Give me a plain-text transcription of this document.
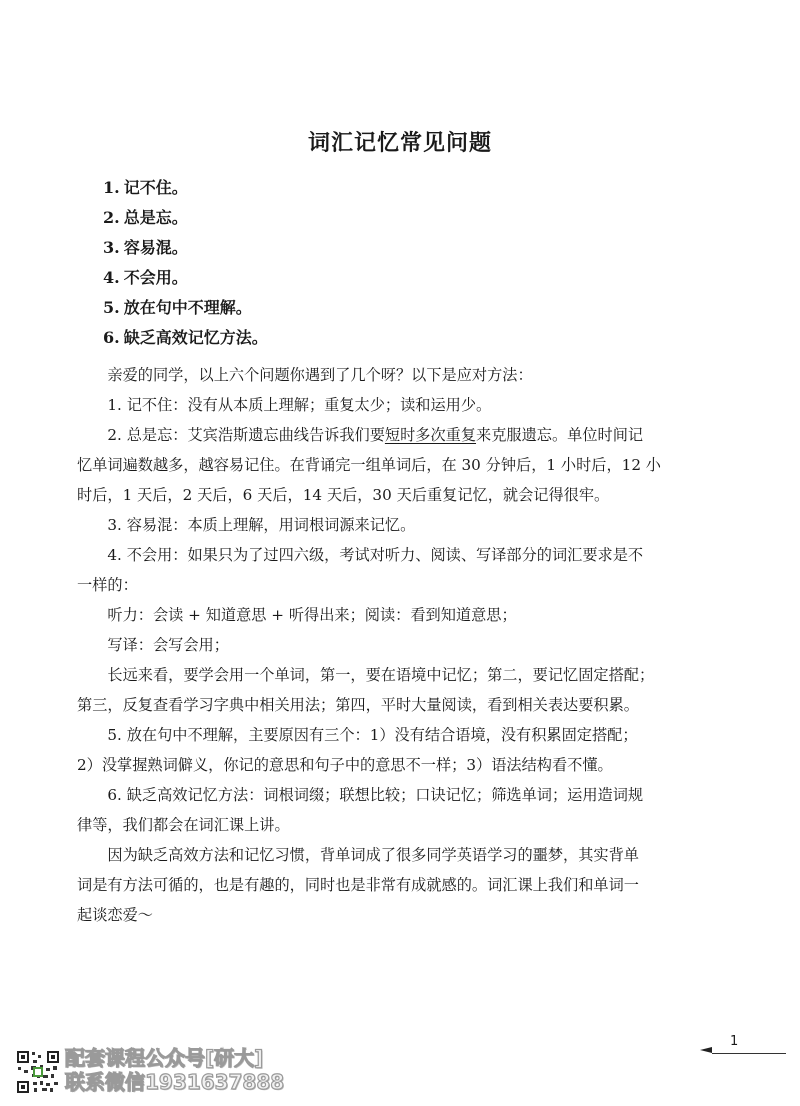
词汇记忆常见问题
1. 记不住。
2. 总是忘。
3. 容易混。
4. 不会用。
5. 放在句中不理解。
6. 缺乏高效记忆方法。
亲爱的同学，以上六个问题你遇到了几个呀？以下是应对方法：
1. 记不住：没有从本质上理解；重复太少；读和运用少。
2. 总是忘：艾宾浩斯遗忘曲线告诉我们要短时多次重复来克服遗忘。单位时间记
忆单词遍数越多，越容易记住。在背诵完一组单词后，在 30 分钟后，1 小时后，12 小
时后，1 天后，2 天后，6 天后，14 天后，30 天后重复记忆，就会记得很牢。
3. 容易混：本质上理解，用词根词源来记忆。
4. 不会用：如果只为了过四六级，考试对听力、阅读、写译部分的词汇要求是不
一样的：
听力：会读 + 知道意思 + 听得出来；阅读：看到知道意思；
写译：会写会用；
长远来看，要学会用一个单词，第一，要在语境中记忆；第二，要记忆固定搭配；
第三，反复查看学习字典中相关用法；第四，平时大量阅读，看到相关表达要积累。
5. 放在句中不理解，主要原因有三个：1）没有结合语境，没有积累固定搭配；
2）没掌握熟词僻义，你记的意思和句子中的意思不一样；3）语法结构看不懂。
6. 缺乏高效记忆方法：词根词缀；联想比较；口诀记忆；筛选单词；运用造词规
律等，我们都会在词汇课上讲。
因为缺乏高效方法和记忆习惯，背单词成了很多同学英语学习的噩梦，其实背单
词是有方法可循的，也是有趣的，同时也是非常有成就感的。词汇课上我们和单词一
起谈恋爱～
1
配套课程公众号[研大]
联系微信1931637888
